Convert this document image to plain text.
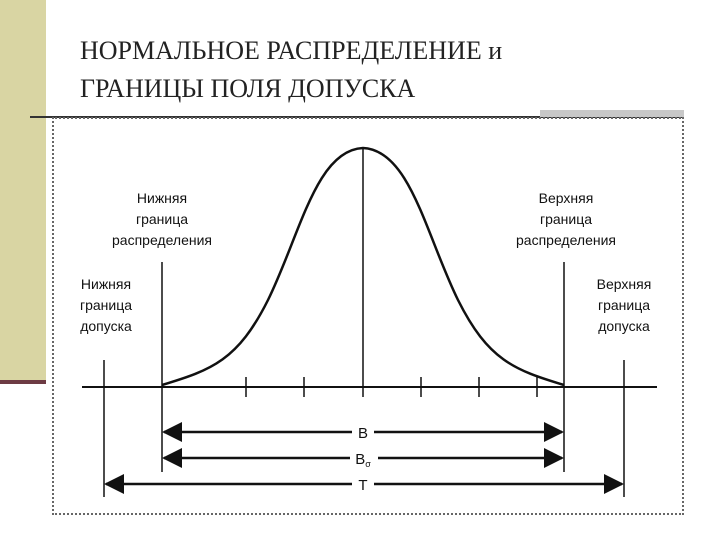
НОРМАЛЬНОЕ РАСПРЕДЕЛЕНИЕ и
ГРАНИЦЫ ПОЛЯ ДОПУСКА
B
$B_\sigma$
T
Нижняя
граница
распределения
Верхняя
граница
распределения
Нижняя
граница
допуска
Верхняя
граница
допуска
